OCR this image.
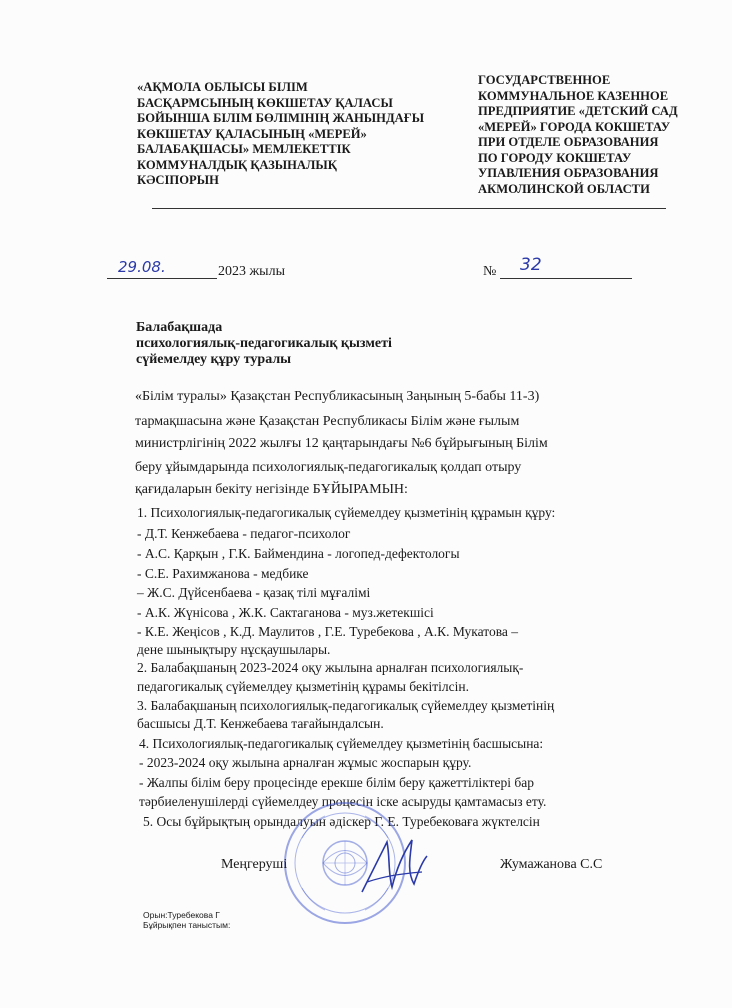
«АҚМОЛА ОБЛЫСЫ БІЛІМ
БАСҚАРМСЫНЫҢ КӨКШЕТАУ ҚАЛАСЫ
БОЙЫНША БІЛІМ БӨЛІМІНІҢ ЖАНЫНДАҒЫ
КӨКШЕТАУ ҚАЛАСЫНЫҢ «МЕРЕЙ»
БАЛАБАҚШАСЫ» МЕМЛЕКЕТТІК
КОММУНАЛДЫҚ ҚАЗЫНАЛЫҚ
КӘСІПОРЫН
ГОСУДАРСТВЕННОЕ
КОММУНАЛЬНОЕ КАЗЕННОЕ
ПРЕДПРИЯТИЕ «ДЕТСКИЙ САД
«МЕРЕЙ» ГОРОДА КОКШЕТАУ
ПРИ ОТДЕЛЕ ОБРАЗОВАНИЯ
ПО ГОРОДУ КОКШЕТАУ
УПАВЛЕНИЯ ОБРАЗОВАНИЯ
АКМОЛИНСКОЙ ОБЛАСТИ
29.08.	2023 жылы	№ 32
Балабақшада
психологиялық-педагогикалық қызметі
сүйемелдеу құру туралы
«Білім туралы» Қазақстан Республикасының Заңының 5-бабы 11-3)
тармақшасына және Қазақстан Республикасы Білім және ғылым
министрлігінің 2022 жылғы 12 қаңтарындағы №6 бұйрығының Білім
беру ұйымдарында психологиялық-педагогикалық қолдап отыру
қағидаларын бекіту негізінде БҰЙЫРАМЫН:
1. Психологиялық-педагогикалық сүйемелдеу қызметінің құрамын құру:
- Д.Т. Кенжебаева - педагог-психолог
- А.С. Қарқын , Г.К. Баймендина - логопед-дефектологы
- С.Е. Рахимжанова - медбике
– Ж.С. Дүйсенбаева - қазақ тілі мұғалімі
- А.К. Жүнісова , Ж.К. Сактаганова - муз.жетекшісі
- К.Е. Жеңісов , К.Д. Маулитов , Г.Е. Туребекова , А.К. Мукатова –
дене шынықтыру нұсқаушылары.
2. Балабақшаның 2023-2024 оқу жылына арналған психологиялық-
педагогикалық сүйемелдеу қызметінің құрамы бекітілсін.
3. Балабақшаның психологиялық-педагогикалық сүйемелдеу қызметінің
басшысы Д.Т. Кенжебаева тағайындалсын.
4. Психологиялық-педагогикалық сүйемелдеу қызметінің басшысына:
- 2023-2024 оқу жылына арналған жұмыс жоспарын құру.
- Жалпы білім беру процесінде ерекше білім беру қажеттіліктері бар
тәрбиеленушілерді сүйемелдеу процесін іске асыруды қамтамасыз ету.
5. Осы бұйрықтың орындалуын әдіскер Г. Е. Туребековаға жүктелсін
Меңгеруші	Жумажанова С.С
Орын:Туребекова Г
Бұйрықпен таныстым:
